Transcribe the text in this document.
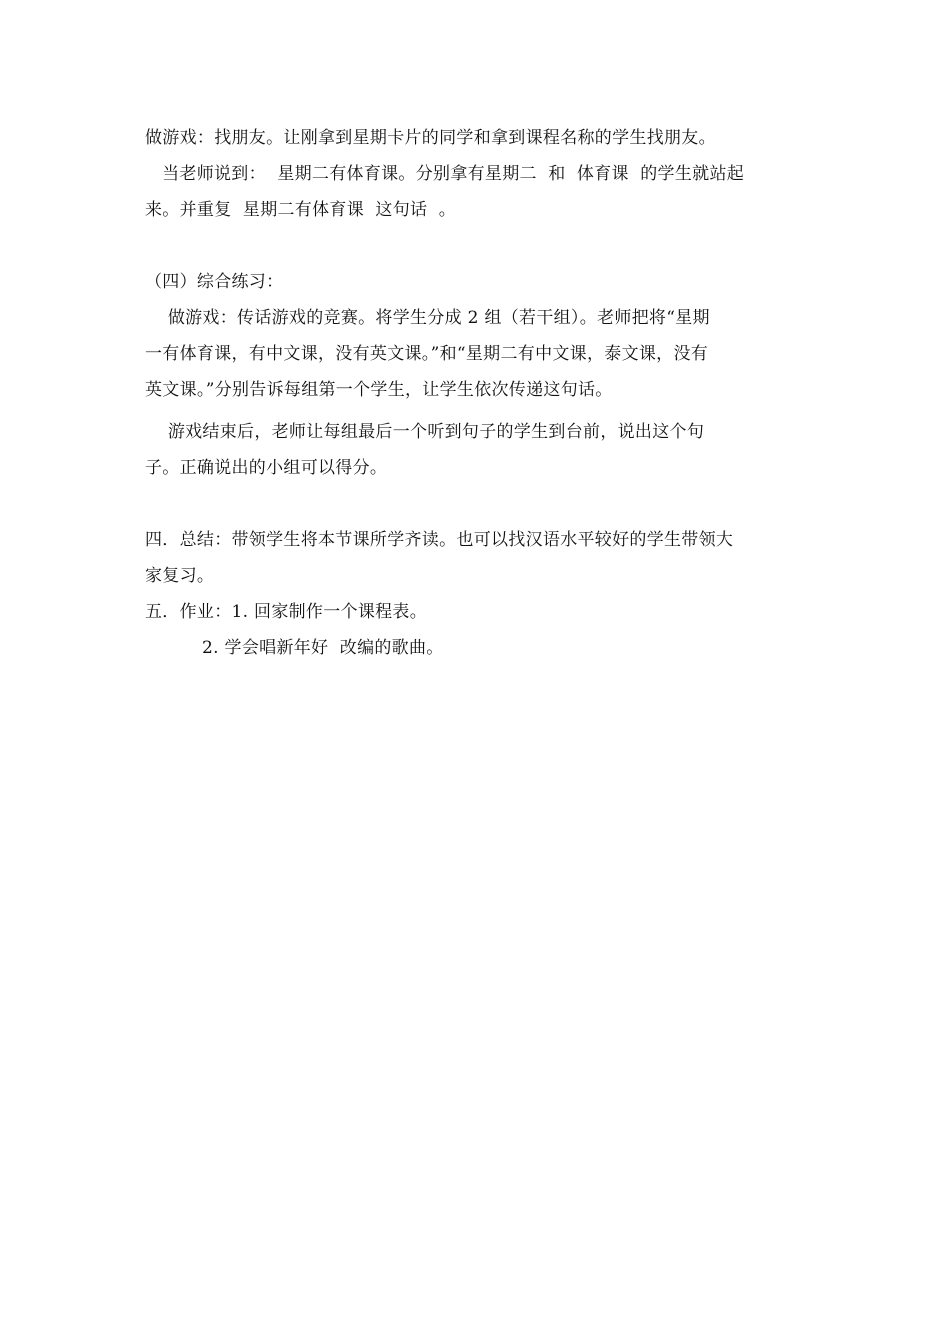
做游戏：找朋友。让刚拿到星期卡片的同学和拿到课程名称的学生找朋友。
当老师说到：  星期二有体育课。分别拿有星期二  和  体育课  的学生就站起
来。并重复  星期二有体育课  这句话  。
（四）综合练习：
做游戏：传话游戏的竞赛。将学生分成 2 组（若干组）。老师把将“星期
一有体育课，有中文课，没有英文课。”和“星期二有中文课，泰文课，没有
英文课。”分别告诉每组第一个学生，让学生依次传递这句话。
游戏结束后，老师让每组最后一个听到句子的学生到台前，说出这个句
子。正确说出的小组可以得分。
四．总结：带领学生将本节课所学齐读。也可以找汉语水平较好的学生带领大
家复习。
五．作业：1. 回家制作一个课程表。
2. 学会唱新年好  改编的歌曲。
